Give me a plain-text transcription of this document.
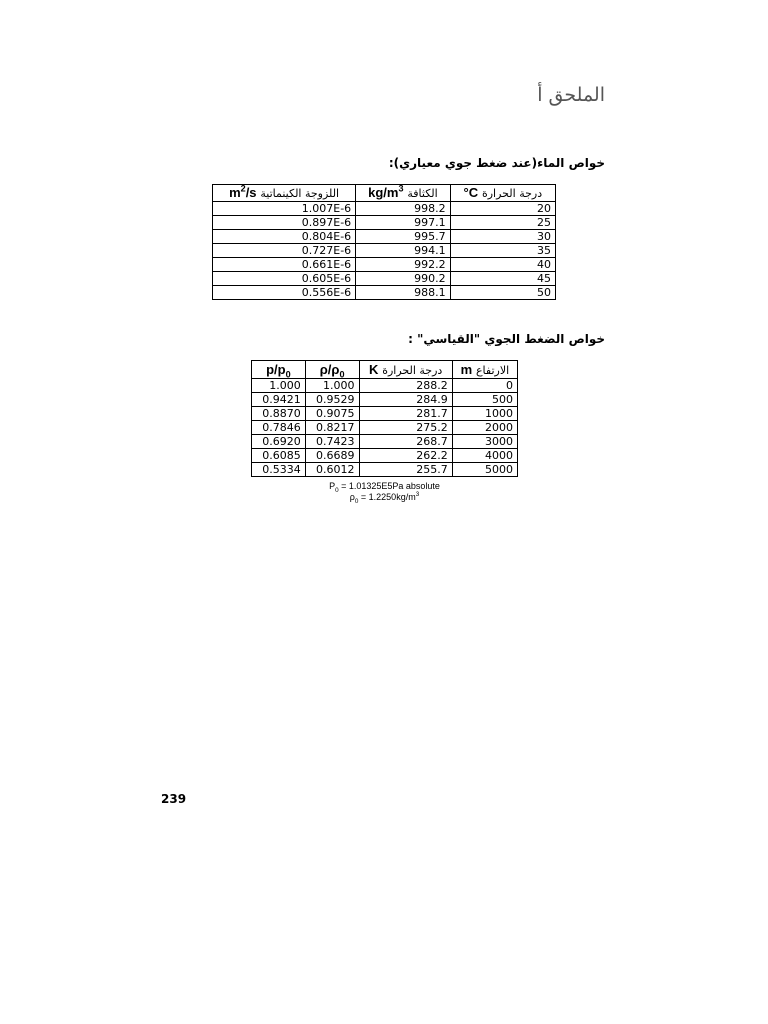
الملحق أ
خواص الماء(عند ضغط جوي معياري):
$m^2/s$ اللزوجة الكينماتية	$kg/m^3$ الكثافة	°C درجة الحرارة
1.007E-6	998.2	20
0.897E-6	997.1	25
0.804E-6	995.7	30
0.727E-6	994.1	35
0.661E-6	992.2	40
0.605E-6	990.2	45
0.556E-6	988.1	50
خواص الضغط الجوي "القياسي" :
$p/p_0$	$\rho/\rho_0$	K درجة الحرارة	m الارتفاع
1.000	1.000	288.2	0
0.9421	0.9529	284.9	500
0.8870	0.9075	281.7	1000
0.7846	0.8217	275.2	2000
0.6920	0.7423	268.7	3000
0.6085	0.6689	262.2	4000
0.5334	0.6012	255.7	5000

$P_0 = 1.01325E5Pa$ absolute

$\rho_0 = 1.2250kg/m^3$

239
